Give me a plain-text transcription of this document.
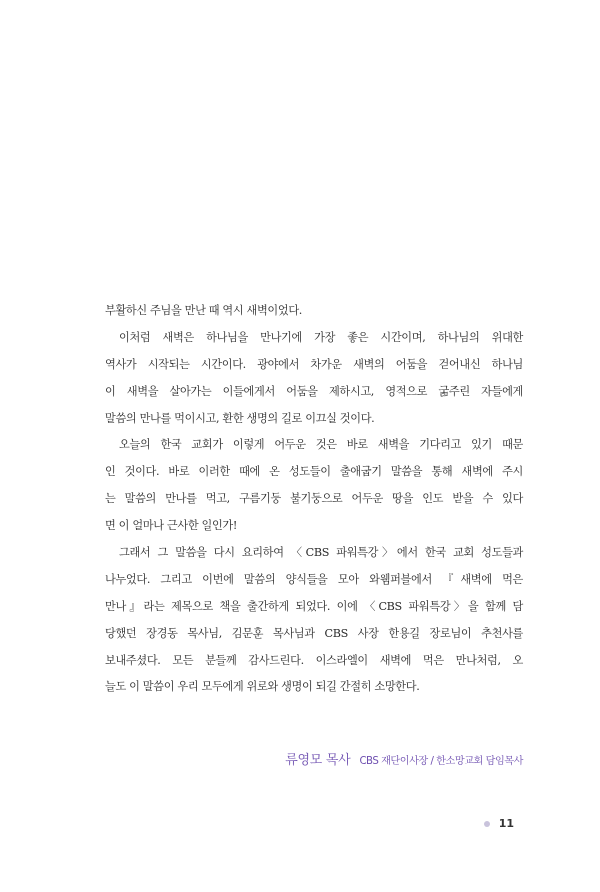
부활하신 주님을 만난 때 역시 새벽이었다.
이처럼 새벽은 하나님을 만나기에 가장 좋은 시간이며, 하나님의 위대한
역사가 시작되는 시간이다. 광야에서 차가운 새벽의 어둠을 걷어내신 하나님
이 새벽을 살아가는 이들에게서 어둠을 제하시고, 영적으로 굶주린 자들에게
말씀의 만나를 먹이시고, 환한 생명의 길로 이끄실 것이다.
오늘의 한국 교회가 이렇게 어두운 것은 바로 새벽을 기다리고 있기 때문
인 것이다. 바로 이러한 때에 온 성도들이 출애굽기 말씀을 통해 새벽에 주시
는 말씀의 만나를 먹고, 구름기둥 불기둥으로 어두운 땅을 인도 받을 수 있다
면 이 얼마나 근사한 일인가!
그래서 그 말씀을 다시 요리하여 〈CBS 파워특강〉에서 한국 교회 성도들과
나누었다. 그리고 이번에 말씀의 양식들을 모아 와웸퍼블에서 『새벽에 먹은
만나』라는 제목으로 책을 출간하게 되었다. 이에 〈CBS 파워특강〉을 함께 담
당했던 장경동 목사님, 김문훈 목사님과 CBS 사장 한용길 장로님이 추천사를
보내주셨다. 모든 분들께 감사드린다. 이스라엘이 새벽에 먹은 만나처럼, 오
늘도 이 말씀이 우리 모두에게 위로와 생명이 되길 간절히 소망한다.
류영모 목사 CBS 재단이사장 / 한소망교회 담임목사
11
